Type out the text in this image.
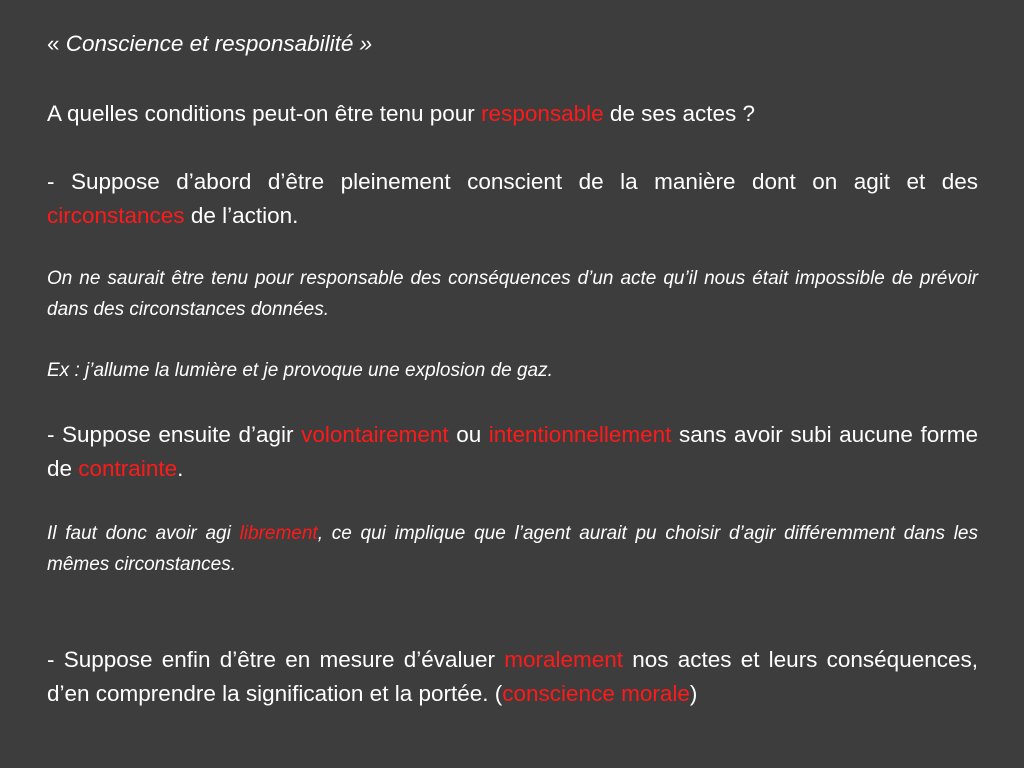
« Conscience et responsabilité »

A quelles conditions peut-on être tenu pour responsable de ses actes ?

- Suppose d’abord d’être pleinement conscient de la manière dont on agit et des circonstances de l’action.

On ne saurait être tenu pour responsable des conséquences d’un acte qu’il nous était impossible de prévoir dans des circonstances données.

Ex : j’allume la lumière et je provoque une explosion de gaz.

- Suppose ensuite d’agir volontairement ou intentionnellement sans avoir subi aucune forme de contrainte.

Il faut donc avoir agi librement, ce qui implique que l’agent aurait pu choisir d’agir différemment dans les mêmes circonstances.

- Suppose enfin d’être en mesure d’évaluer moralement nos actes et leurs conséquences, d’en comprendre la signification et la portée. (conscience morale)
